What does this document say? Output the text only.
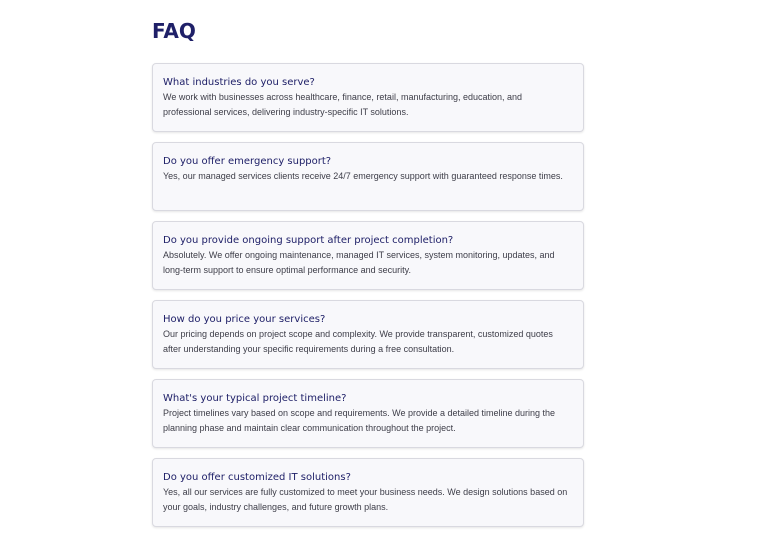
FAQ
What industries do you serve?
We work with businesses across healthcare, finance, retail, manufacturing, education, and professional services, delivering industry-specific IT solutions.
Do you offer emergency support?
Yes, our managed services clients receive 24/7 emergency support with guaranteed response times.
Do you provide ongoing support after project completion?
Absolutely. We offer ongoing maintenance, managed IT services, system monitoring, updates, and long-term support to ensure optimal performance and security.
How do you price your services?
Our pricing depends on project scope and complexity. We provide transparent, customized quotes after understanding your specific requirements during a free consultation.
What's your typical project timeline?
Project timelines vary based on scope and requirements. We provide a detailed timeline during the planning phase and maintain clear communication throughout the project.
Do you offer customized IT solutions?
Yes, all our services are fully customized to meet your business needs. We design solutions based on your goals, industry challenges, and future growth plans.
